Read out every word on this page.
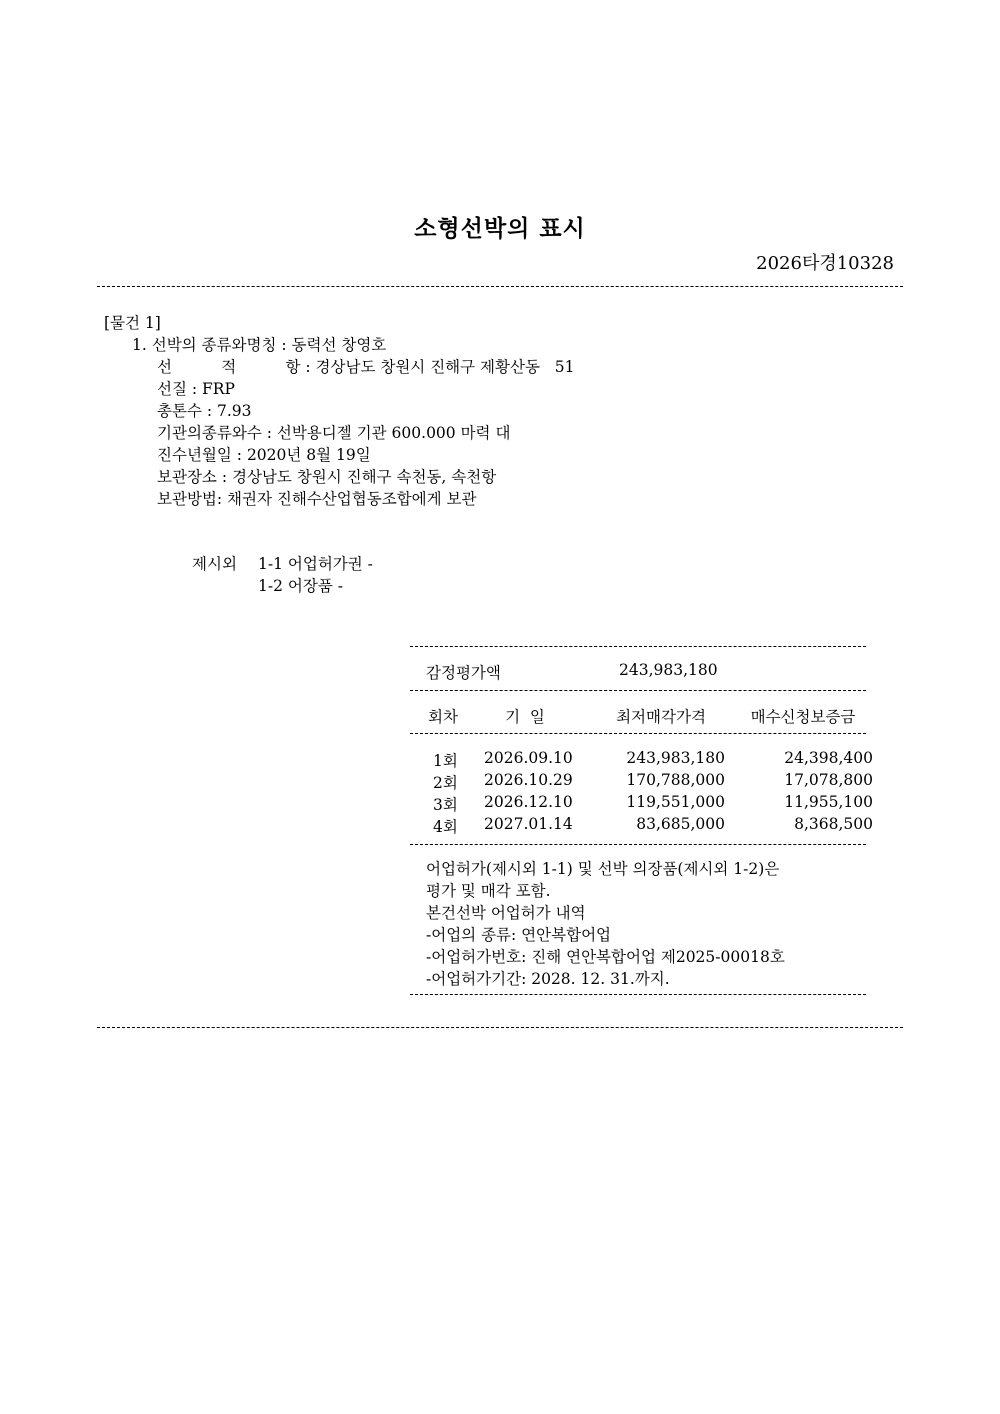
소형선박의 표시
2026타경10328
[물건 1]
1. 선박의 종류와명칭 : 동력선 창영호
선          적          항 : 경상남도 창원시 진해구 제황산동   51
선질 : FRP
총톤수 : 7.93
기관의종류와수 : 선박용디젤 기관 600.000 마력 대
진수년월일 : 2020년 8월 19일
보관장소 : 경상남도 창원시 진해구 속천동, 속천항
보관방법: 채권자 진해수산업협동조합에게 보관
제시외 1-1 어업허가권 -
1-2 어장품 -
감정평가액	243,983,180
회차	기  일	최저매각가격	매수신청보증금
1회 2026.09.10	243,983,180	24,398,400
2회 2026.10.29	170,788,000	17,078,800
3회 2026.12.10	119,551,000	11,955,100
4회 2027.01.14	83,685,000	8,368,500
어업허가(제시외 1-1) 및 선박 의장품(제시외 1-2)은
평가 및 매각 포함.
본건선박 어업허가 내역
-어업의 종류: 연안복합어업
-어업허가번호: 진해 연안복합어업 제2025-00018호
-어업허가기간: 2028. 12. 31.까지.
